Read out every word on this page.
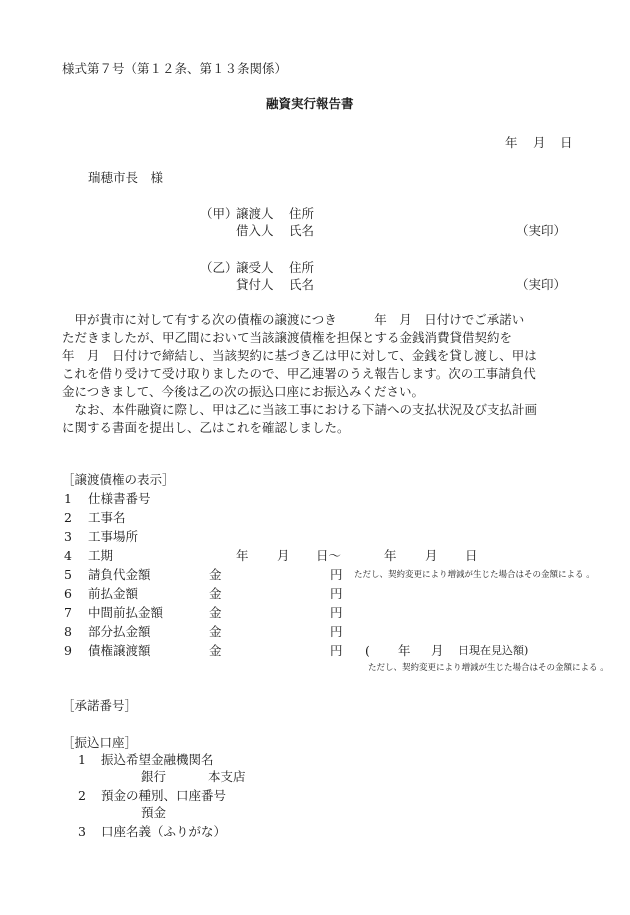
様式第７号（第１２条、第１３条関係）
融資実行報告書
年 月 日
瑞穂市長　様
（甲）
譲渡人 住所
借入人 氏名	（実印）
（乙）
譲受人 住所
貸付人 氏名	（実印）
　甲が貴市に対して有する次の債権の譲渡につき　　　年　月　日付けでご承諾い
ただきましたが、甲乙間において当該譲渡債権を担保とする金銭消費貸借契約を
年　月　日付けで締結し、当該契約に基づき乙は甲に対して、金銭を貸し渡し、甲は
これを借り受けて受け取りましたので、甲乙連署のうえ報告します。次の工事請負代
金につきまして、今後は乙の次の振込口座にお振込みください。
　なお、本件融資に際し、甲は乙に当該工事における下請への支払状況及び支払計画
に関する書面を提出し、乙はこれを確認しました。
［譲渡債権の表示］
1 仕様書番号
2 工事名
3 工事場所
4 工期	年 月 日～	年 月 日
5 請負代金額	金	円 ただし、契約変更により増減が生じた場合はその金額による 。
6 前払金額	金	円
7 中間前払金額	金	円
8 部分払金額	金	円
9 債権譲渡額	金	円 ( 年 月 日現在見込額)
ただし、契約変更により増減が生じた場合はその金額による 。
［承諾番号］
［振込口座］
1 振込希望金融機関名
銀行	本支店
2 預金の種別、口座番号
預金
3 口座名義（ふりがな）
